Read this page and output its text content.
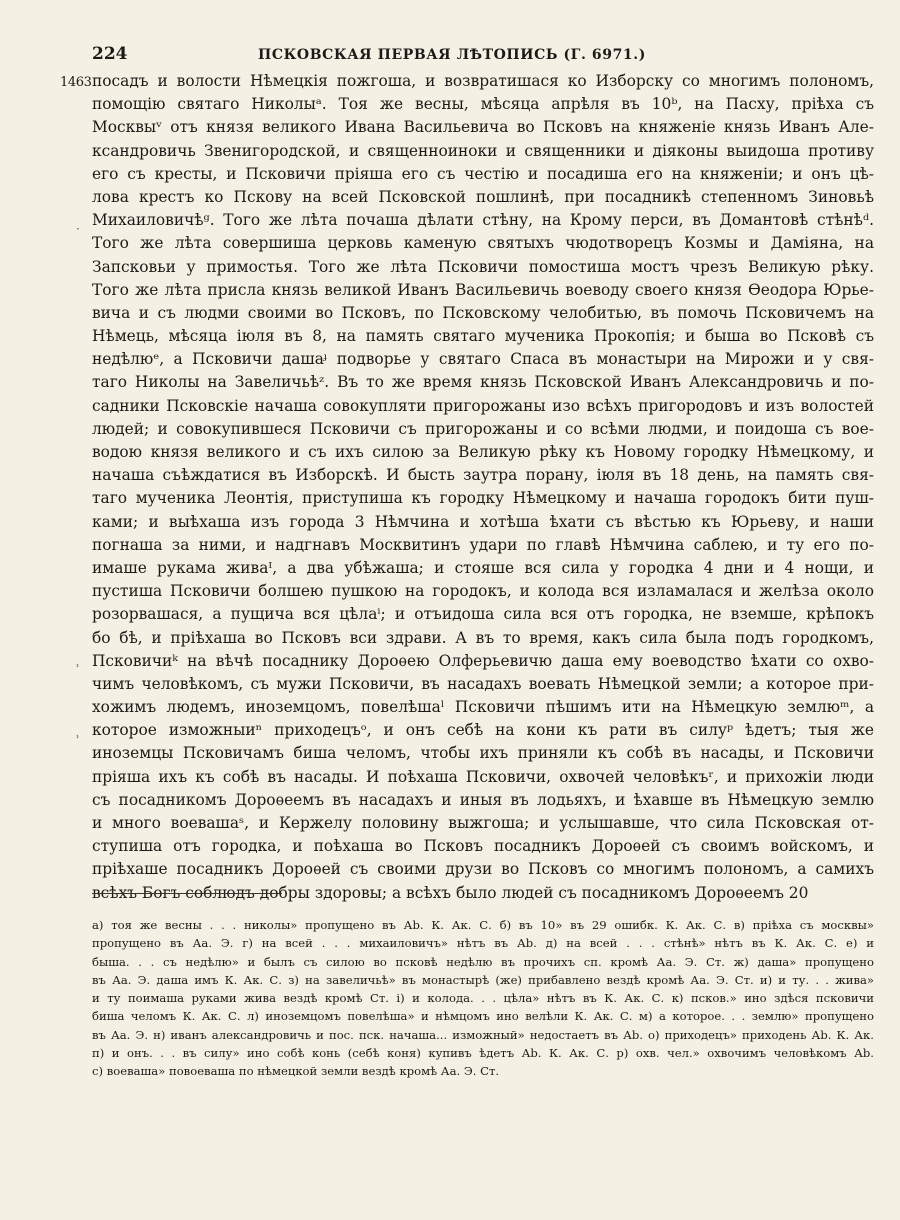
224	ПСКОВСКАЯ ПЕРВАЯ ЛѢТОПИСЬ (Г. 6971.)
1463
·
ʾ
ʾ
посадъ и волости Нѣмецкія пожгоша, и возвратишася ко Изборску со многимъ полономъ,
помощію святаго Николыᵃ. Тоя же весны, мѣсяца апрѣля въ 10ᵇ, на Пасху, пріѣха съ
Москвыᵛ отъ князя великого Ивана Васильевича во Псковъ на княженіе князь Иванъ Але-
ксандровичь Звенигородской, и священноиноки и священники и діяконы выидоша противу
его съ кресты, и Псковичи пріяша его съ честію и посадиша его на княженіи; и онъ цѣ-
лова крестъ ко Пскову на всей Псковской пошлинѣ, при посадникѣ степенномъ Зиновьѣ
Михаиловичѣᵍ. Того же лѣта почаша дѣлати стѣну, на Крому перси, въ Домантовѣ стѣнѣᵈ.
Того же лѣта совершиша церковь каменую святыхъ чюдотворецъ Козмы и Даміяна, на
Запсковьи у примостья. Того же лѣта Псковичи помостиша мостъ чрезъ Великую рѣку.
Того же лѣта присла князь великой Иванъ Васильевичь воеводу своего князя Ѳеодора Юрье-
вича и съ людми своими во Псковъ, по Псковскому челобитью, въ помочь Псковичемъ на
Нѣмець, мѣсяца іюля въ 8, на память святаго мученика Прокопія; и быша во Псковѣ съ
недѣлюᵉ, а Псковичи дашаᶡ подворье у святаго Спаса въ монастыри на Мирожи и у свя-
таго Николы на Завеличьѣᶻ. Въ то же время князь Псковской Иванъ Александровичь и по-
садники Псковскіе начаша совокупляти пригорожаны изо всѣхъ пригородовъ и изъ волостей
людей; и совокупившеся Псковичи съ пригорожаны и со всѣми людми, и поидоша съ вое-
водою князя великого и съ ихъ силою за Великую рѣку къ Новому городку Нѣмецкому, и
начаша съѣждатися въ Изборскѣ. И бысть заутра порану, іюля въ 18 день, на память свя-
таго мученика Леонтія, приступиша къ городку Нѣмецкому и начаша городокъ бити пуш-
ками; и выѣхаша изъ города 3 Нѣмчина и хотѣша ѣхати съ вѣстью къ Юрьеву, и наши
погнаша за ними, и надгнавъ Москвитинъ удари по главѣ Нѣмчина саблею, и ту его по-
имаше рукама живаᴵ, а два убѣжаша; и стояше вся сила у городка 4 дни и 4 нощи, и
пустиша Псковичи болшею пушкою на городокъ, и колода вся изламалася и желѣза около
розорвашася, а пущича вся цѣлаⁱ; и отъидоша сила вся отъ городка, не вземше, крѣпокъ
бо бѣ, и пріѣхаша во Псковъ вси здрави. А въ то время, какъ сила была подъ городкомъ,
Псковичиᵏ на вѣчѣ посаднику Дороѳею Олферьевичю даша ему воеводство ѣхати со охво-
чимъ человѣкомъ, съ мужи Псковичи, въ насадахъ воевать Нѣмецкой земли; а которое при-
хожимъ людемъ, иноземцомъ, повелѣшаˡ Псковичи пѣшимъ ити на Нѣмецкую землюᵐ, а
которое изможныиⁿ приходецъᵒ, и онъ себѣ на кони къ рати въ силуᵖ ѣдетъ; тыя же
иноземцы Псковичамъ биша челомъ, чтобы ихъ приняли къ собѣ въ насады, и Псковичи
пріяша ихъ къ собѣ въ насады. И поѣхаша Псковичи, охвочей человѣкъʳ, и прихожіи люди
съ посадникомъ Дороѳеемъ въ насадахъ и иныя въ лодьяхъ, и ѣхавше въ Нѣмецкую землю
и много воевашаˢ, и Кержелу половину выжгоша; и услышавше, что сила Псковская от-
ступиша отъ городка, и поѣхаша во Псковъ посадникъ Дороѳей съ своимъ войскомъ, и
пріѣхаше посадникъ Дороѳей съ своими друзи во Псковъ со многимъ полономъ, а самихъ
всѣхъ Богъ соблюдъ добры здоровы; а всѣхъ было людей съ посадникомъ Дороѳеемъ 20
а) тоя же весны . . . николы» пропущено въ Аb. К. Ак. С. б) въ 10» въ 29 ошибк. К. Ак. С. в) пріѣха съ москвы»
пропущено въ Аа. Э. г) на всей . . . михаиловичъ» нѣтъ въ Аb. д) на всей . . . стѣнѣ» нѣтъ въ К. Ак. С. е) и
быша. . . съ недѣлю» и былъ съ силою во псковѣ недѣлю въ прочихъ сп. кромѣ Аа. Э. Ст. ж) даша» пропущено
въ Аа. Э. даша имъ К. Ак. С. з) на завеличьѣ» въ монастырѣ (же) прибавлено вездѣ кромѣ Аа. Э. Ст. и) и ту. . . жива»
и ту поимаша руками жива вездѣ кромѣ Ст. і) и колода. . . цѣла» нѣтъ въ К. Ак. С. к) псков.» ино здѣся псковичи
биша челомъ К. Ак. С. л) иноземцомъ повелѣша» и нѣмцомъ ино велѣли К. Ак. С. м) а которое. . . землю» пропущено
въ Аа. Э. н) иванъ александровичь и пос. пск. начаша... изможный» недостаетъ въ Аb. о) приходецъ» приходень Аb. К. Ак.
п) и онъ. . . въ силу» ино собѣ конь (себѣ коня) купивъ ѣдетъ Аb. К. Ак. С. р) охв. чел.» охвочимъ человѣкомъ Аb.
с) воеваша» повоеваша по нѣмецкой земли вездѣ кромѣ Аа. Э. Ст.
